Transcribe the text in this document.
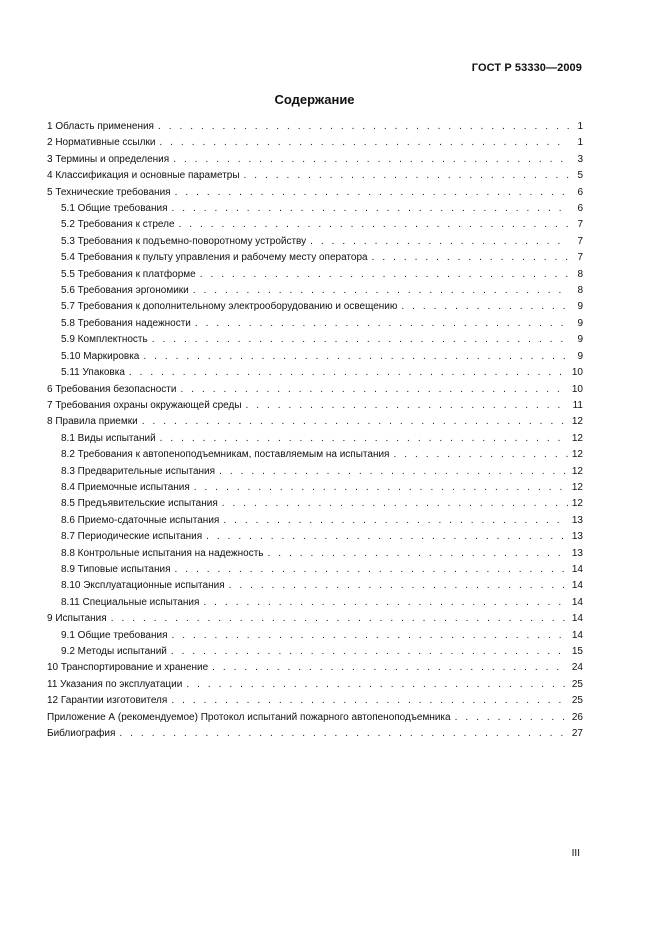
ГОСТ Р 53330—2009
Содержание
1 Область применения . . .	1
2 Нормативные ссылки . . .	1
3 Термины и определения . . .	3
4 Классификация и основные параметры . . .	5
5 Технические требования . . .	6
5.1 Общие требования . . .	6
5.2 Требования к стреле . . .	7
5.3 Требования к подъемно-поворотному устройству . . .	7
5.4 Требования к пульту управления и рабочему месту оператора . . .	7
5.5 Требования к платформе . . .	8
5.6 Требования эргономики . . .	8
5.7 Требования к дополнительному электрооборудованию и освещению . . .	9
5.8 Требования надежности . . .	9
5.9 Комплектность . . .	9
5.10 Маркировка . . .	9
5.11 Упаковка . . .	10
6 Требования безопасности . . .	10
7 Требования охраны окружающей среды . . .	11
8 Правила приемки . . .	12
8.1 Виды испытаний . . .	12
8.2 Требования к автопеноподъемникам, поставляемым на испытания . . .	12
8.3 Предварительные испытания . . .	12
8.4 Приемочные испытания . . .	12
8.5 Предъявительские испытания . . .	12
8.6 Приемо-сдаточные испытания . . .	13
8.7 Периодические испытания . . .	13
8.8 Контрольные испытания на надежность . . .	13
8.9 Типовые испытания . . .	14
8.10 Эксплуатационные испытания . . .	14
8.11 Специальные испытания . . .	14
9 Испытания . . .	14
9.1 Общие требования . . .	14
9.2 Методы испытаний . . .	15
10 Транспортирование и хранение . . .	24
11 Указания по эксплуатации . . .	25
12 Гарантии изготовителя . . .	25
Приложение А (рекомендуемое) Протокол испытаний пожарного автопеноподъемника . . .	26
Библиография . . .	27
III
